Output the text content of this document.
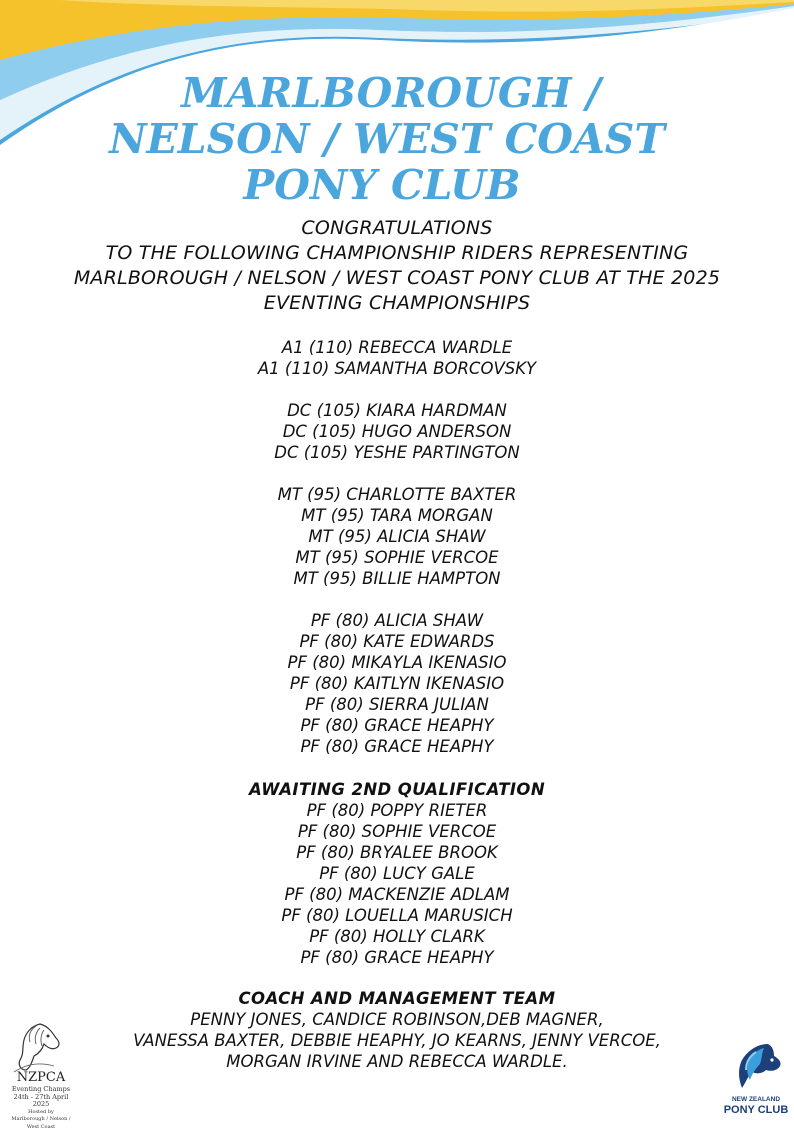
MARLBOROUGH /
NELSON / WEST COAST
PONY CLUB
CONGRATULATIONS
TO THE FOLLOWING CHAMPIONSHIP RIDERS REPRESENTING
MARLBOROUGH / NELSON / WEST COAST PONY CLUB AT THE 2025
EVENTING CHAMPIONSHIPS
A1 (110) REBECCA WARDLE
A1 (110) SAMANTHA BORCOVSKY
DC (105) KIARA HARDMAN
DC (105) HUGO ANDERSON
DC (105) YESHE PARTINGTON
MT (95) CHARLOTTE BAXTER
MT (95) TARA MORGAN
MT (95) ALICIA SHAW
MT (95) SOPHIE VERCOE
MT (95) BILLIE HAMPTON
PF (80) ALICIA SHAW
PF (80) KATE EDWARDS
PF (80) MIKAYLA IKENASIO
PF (80) KAITLYN IKENASIO
PF (80) SIERRA JULIAN
PF (80) GRACE HEAPHY
PF (80) GRACE HEAPHY
AWAITING 2ND QUALIFICATION
PF (80) POPPY RIETER
PF (80) SOPHIE VERCOE
PF (80) BRYALEE BROOK
PF (80) LUCY GALE
PF (80) MACKENZIE ADLAM
PF (80) LOUELLA MARUSICH
PF (80) HOLLY CLARK
PF (80) GRACE HEAPHY
COACH AND MANAGEMENT TEAM
PENNY JONES, CANDICE ROBINSON,DEB MAGNER,
VANESSA BAXTER, DEBBIE HEAPHY, JO KEARNS, JENNY VERCOE,
MORGAN IRVINE AND REBECCA WARDLE.
NZPCA
Eventing Champs
24th - 27th April 2025
Hosted by
Marlborough / Nelson / West Coast
NEW ZEALAND
PONY CLUB
